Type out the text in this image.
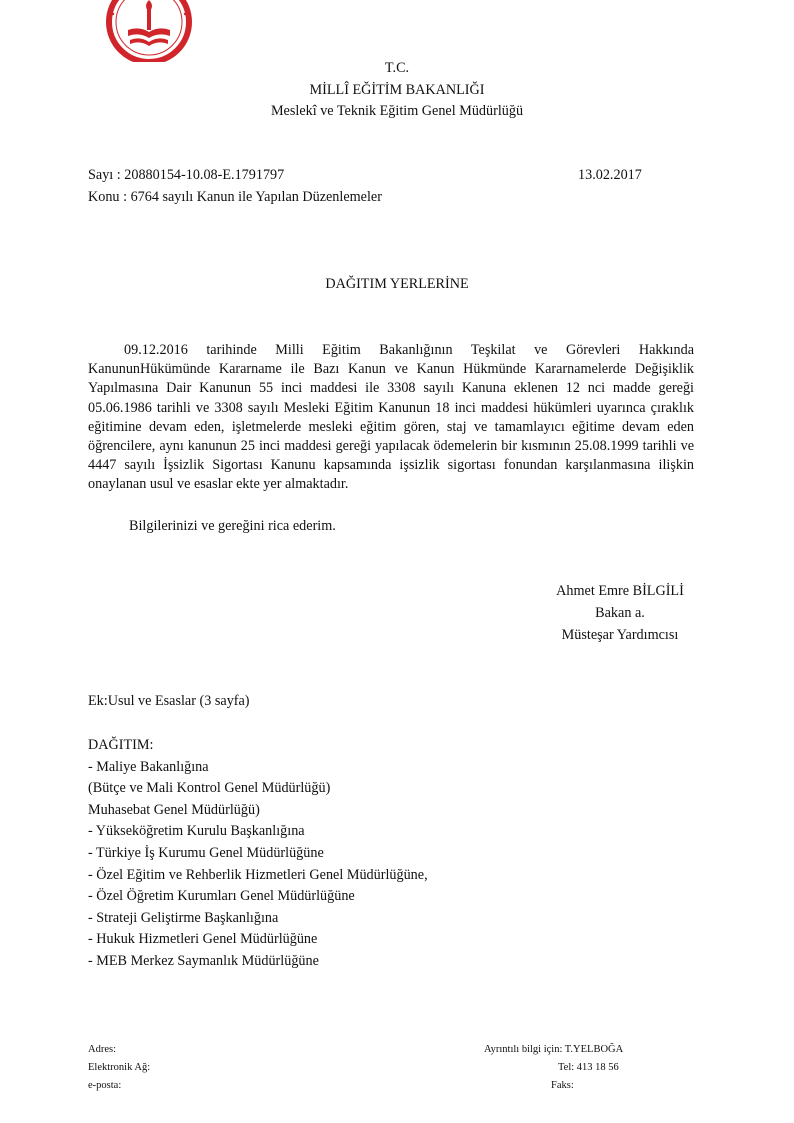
T.C.
MİLLÎ EĞİTİM BAKANLIĞI
Meslekî ve Teknik Eğitim Genel Müdürlüğü
Sayı : 20880154-10.08-E.1791797	13.02.2017
Konu : 6764 sayılı Kanun ile Yapılan Düzenlemeler
DAĞITIM YERLERİNE
09.12.2016 tarihinde Milli Eğitim Bakanlığının Teşkilat ve Görevleri Hakkında KanununHükümünde Kararname ile Bazı Kanun ve Kanun Hükmünde Kararnamelerde Değişiklik Yapılmasına Dair Kanunun 55 inci maddesi ile 3308 sayılı Kanuna eklenen 12 nci madde gereği 05.06.1986 tarihli ve 3308 sayılı Mesleki Eğitim Kanunun 18 inci maddesi hükümleri uyarınca çıraklık eğitimine devam eden, işletmelerde mesleki eğitim gören, staj ve tamamlayıcı eğitime devam eden öğrencilere, aynı kanunun 25 inci maddesi gereği yapılacak ödemelerin bir kısmının 25.08.1999 tarihli ve 4447 sayılı İşsizlik Sigortası Kanunu kapsamında işsizlik sigortası fonundan karşılanmasına ilişkin onaylanan usul ve esaslar ekte yer almaktadır.
Bilgilerinizi ve gereğini rica ederim.
Ahmet Emre BİLGİLİ
Bakan a.
Müsteşar Yardımcısı
Ek:Usul ve Esaslar (3 sayfa)
DAĞITIM:
- Maliye Bakanlığına
(Bütçe ve Mali Kontrol Genel Müdürlüğü)
Muhasebat Genel Müdürlüğü)
- Yükseköğretim Kurulu Başkanlığına
- Türkiye İş Kurumu Genel Müdürlüğüne
- Özel Eğitim ve Rehberlik Hizmetleri Genel Müdürlüğüne,
- Özel Öğretim Kurumları Genel Müdürlüğüne
- Strateji Geliştirme Başkanlığına
- Hukuk Hizmetleri Genel Müdürlüğüne
- MEB Merkez Saymanlık Müdürlüğüne
Adres:
Elektronik Ağ:
e-posta:
Ayrıntılı bilgi için: T.YELBOĞA
Tel: 413 18 56
Faks:
